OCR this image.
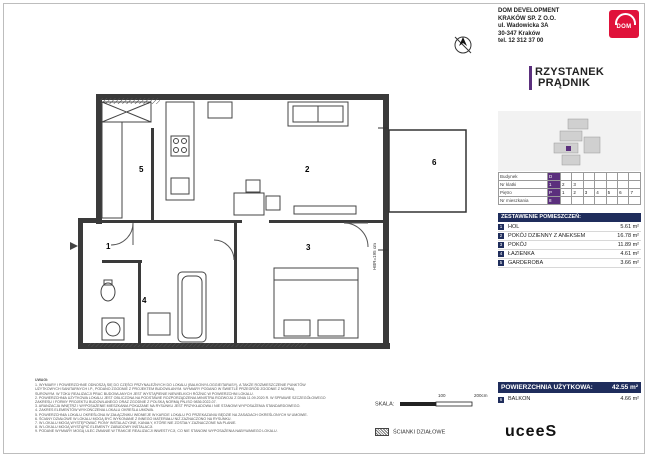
5	2
3
1
4
6
HBR=195 cm
DOM DEVELOPMENT
KRAKÓW SP. Z O.O.
ul. Wadowicka 3A
30-347 Kraków
tel. 12 312 37 00
DOM
RZYSTANEK
PRĄDNIK
Budynek	D							
Nr klatki	1	2	3					
Piętro	P	1	2	3	4	5	6	7
Nr mieszkania	8							
ZESTAWIENIE POMIESZCZEŃ:
1	HOL	5.61 m²
2	POKÓJ DZIENNY Z ANEKSEM	16.78 m²
3	POKÓJ	11.89 m²
4	ŁAZIENKA	4.61 m²
5	GARDEROBA	3.66 m²
POWIERZCHNIA UŻYTKOWA:	42.55 m²
6	BALKON	4.66 m²
UWAGI:
1. WYMIARY I POWIERZCHNIE ODNOSZĄ SIĘ DO CZĘŚCI PRZYNALEŻNYCH DO LOKALU (BALKONY/LOGGIE/TARASY), A TAKŻE ROZMIESZCZENIE PUNKTÓW
UŻYTKOWYCH SANITARNYCH I.P., PODANO ZGODNIE Z PROJEKTEM BUDOWLANYM. WYMIARY PODANO W ŚWIETLE PRZEGRÓD ZGODNIE Z NORMĄ
SUROWYM. W TOKU REALIZACJI PRAC BUDOWLANYCH JEST WYSTĄPIENIE NIEWIELKICH RÓŻNIC W POWIERZCHNI LOKALU.
2. POWIERZCHNIA UŻYTKOWA LOKALU JEST OBLICZONA NA PODSTAWIE ROZPORZĄDZENIA MINISTRA ROZWOJU Z DNIA 11.09.2020 R. W SPRAWIE SZCZEGÓŁOWEGO
ZAKRESU I FORMY PROJEKTU BUDOWLANEGO ORAZ ZGODNIE Z POLSKĄ NORMĄ PN-ISO 9836:2022-07.
3. ARANŻACJA WNĘTRZ I WYPOSAŻENIE MIESZKANIA POKAZANE NA RYSUNKU JEST PRZYKŁADOWA I NIE STANOWI WYPOSAŻENIA STANDARDOWEGO.
4. ZAKRES ELEMENTÓW WYKOŃCZENIA LOKALU OKREŚLA UMOWA.
5. POWIERZCHNIA LOKALU OKREŚLONA W ZAŁĄCZNIKU WIDNIEJE W KARCIE LOKALU PO PRZEKAZANIU BĘDZIE NA ZASADACH OKREŚLONYCH W UMOWIE.
6. ŚCIANY DZIAŁOWE W LOKALU MOGĄ BYĆ WYKONANE Z INNEGO MATERIAŁU NIŻ ZAZNACZONO NA RYSUNKU.
7. W LOKALU MOGĄ WYSTĘPOWAĆ PIONY INSTALACYJNE, KANAŁY, KTÓRE NIE ZOSTAŁY ZAZNACZONE NA PLANIE.
8. W LOKALU MOGĄ WYSTĄPIĆ ELEMENTY ZABUDOWY INSTALACJI.
9. PODANE WYMIARY MOGĄ ULEC ZMIANIE W TRAKCIE REALIZACJI INWESTYCJI, CO NIE STANOWI WYPOSAŻENIA NABYWANEGO LOKALU.
SKALA:
100	200cm
ŚCIANKI DZIAŁOWE	uceeS
